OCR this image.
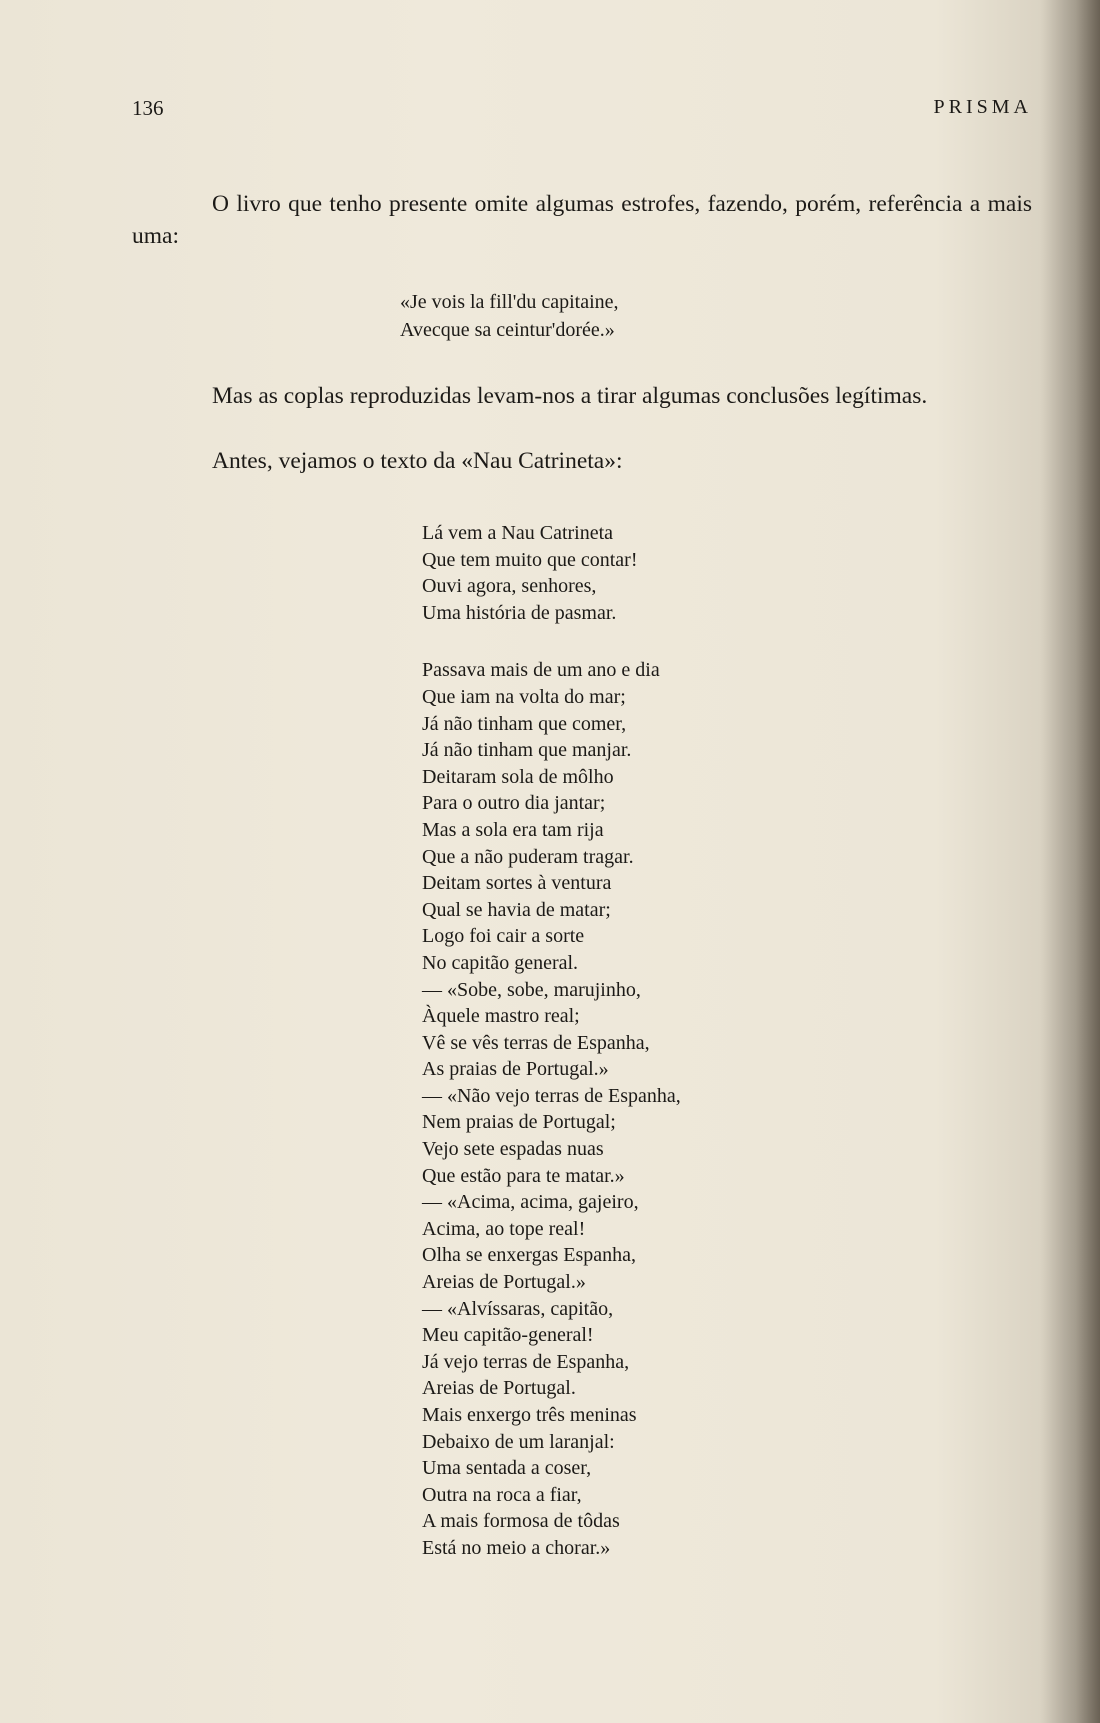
136	PRISMA
O livro que tenho presente omite algumas estrofes, fazendo, porém, referência a mais uma:
«Je vois la fill'du capitaine,
Avecque sa ceintur'dorée.»
Mas as coplas reproduzidas levam-nos a tirar algumas conclusões legítimas.
Antes, vejamos o texto da «Nau Catrineta»:
Lá vem a Nau Catrineta
Que tem muito que contar!
Ouvi agora, senhores,
Uma história de pasmar.
Passava mais de um ano e dia
Que iam na volta do mar;
Já não tinham que comer,
Já não tinham que manjar.
Deitaram sola de môlho
Para o outro dia jantar;
Mas a sola era tam rija
Que a não puderam tragar.
Deitam sortes à ventura
Qual se havia de matar;
Logo foi cair a sorte
No capitão general.
— «Sobe, sobe, marujinho,
Àquele mastro real;
Vê se vês terras de Espanha,
As praias de Portugal.»
— «Não vejo terras de Espanha,
Nem praias de Portugal;
Vejo sete espadas nuas
Que estão para te matar.»
— «Acima, acima, gajeiro,
Acima, ao tope real!
Olha se enxergas Espanha,
Areias de Portugal.»
— «Alvíssaras, capitão,
Meu capitão-general!
Já vejo terras de Espanha,
Areias de Portugal.
Mais enxergo três meninas
Debaixo de um laranjal:
Uma sentada a coser,
Outra na roca a fiar,
A mais formosa de tôdas
Está no meio a chorar.»
